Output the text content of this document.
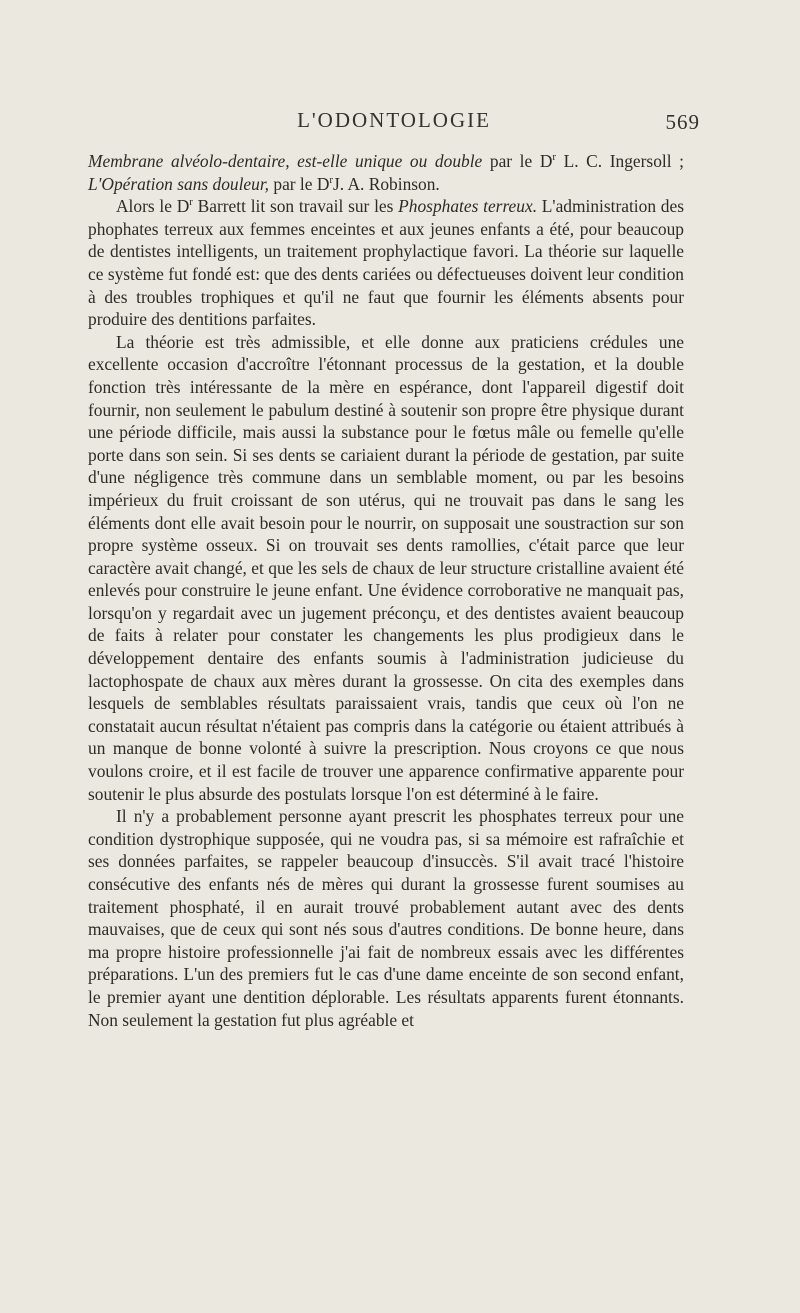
L'ODONTOLOGIE	569

Membrane alvéolo-dentaire, est-elle unique ou double par le $D^r$ L. C. Ingersoll ; L'Opération sans douleur, par le $D^rJ$. A. Robinson.

Alors le $D^r$ Barrett lit son travail sur les Phosphates terreux. L'administration des phophates terreux aux femmes enceintes et aux jeunes enfants a été, pour beaucoup de dentistes intelligents, un traitement prophylactique favori. La théorie sur laquelle ce système fut fondé est: que des dents cariées ou défectueuses doivent leur condition à des troubles trophiques et qu'il ne faut que fournir les éléments absents pour produire des dentitions parfaites.

La théorie est très admissible, et elle donne aux praticiens crédules une excellente occasion d'accroître l'étonnant processus de la gestation, et la double fonction très intéressante de la mère en espérance, dont l'appareil digestif doit fournir, non seulement le pabulum destiné à soutenir son propre être physique durant une période difficile, mais aussi la substance pour le fœtus mâle ou femelle qu'elle porte dans son sein. Si ses dents se cariaient durant la période de gestation, par suite d'une négligence très commune dans un semblable moment, ou par les besoins impérieux du fruit croissant de son utérus, qui ne trouvait pas dans le sang les éléments dont elle avait besoin pour le nourrir, on supposait une soustraction sur son propre système osseux. Si on trouvait ses dents ramollies, c'était parce que leur caractère avait changé, et que les sels de chaux de leur structure cristalline avaient été enlevés pour construire le jeune enfant. Une évidence corroborative ne manquait pas, lorsqu'on y regardait avec un jugement préconçu, et des dentistes avaient beaucoup de faits à relater pour constater les changements les plus prodigieux dans le développement dentaire des enfants soumis à l'administration judicieuse du lactophospate de chaux aux mères durant la grossesse. On cita des exemples dans lesquels de semblables résultats paraissaient vrais, tandis que ceux où l'on ne constatait aucun résultat n'étaient pas compris dans la catégorie ou étaient attribués à un manque de bonne volonté à suivre la prescription. Nous croyons ce que nous voulons croire, et il est facile de trouver une apparence confirmative apparente pour soutenir le plus absurde des postulats lorsque l'on est déterminé à le faire.

Il n'y a probablement personne ayant prescrit les phosphates terreux pour une condition dystrophique supposée, qui ne voudra pas, si sa mémoire est rafraîchie et ses données parfaites, se rappeler beaucoup d'insuccès. S'il avait tracé l'histoire consécutive des enfants nés de mères qui durant la grossesse furent soumises au traitement phosphaté, il en aurait trouvé probablement autant avec des dents mauvaises, que de ceux qui sont nés sous d'autres conditions. De bonne heure, dans ma propre histoire professionnelle j'ai fait de nombreux essais avec les différentes préparations. L'un des premiers fut le cas d'une dame enceinte de son second enfant, le premier ayant une dentition déplorable. Les résultats apparents furent étonnants. Non seulement la gestation fut plus agréable et
